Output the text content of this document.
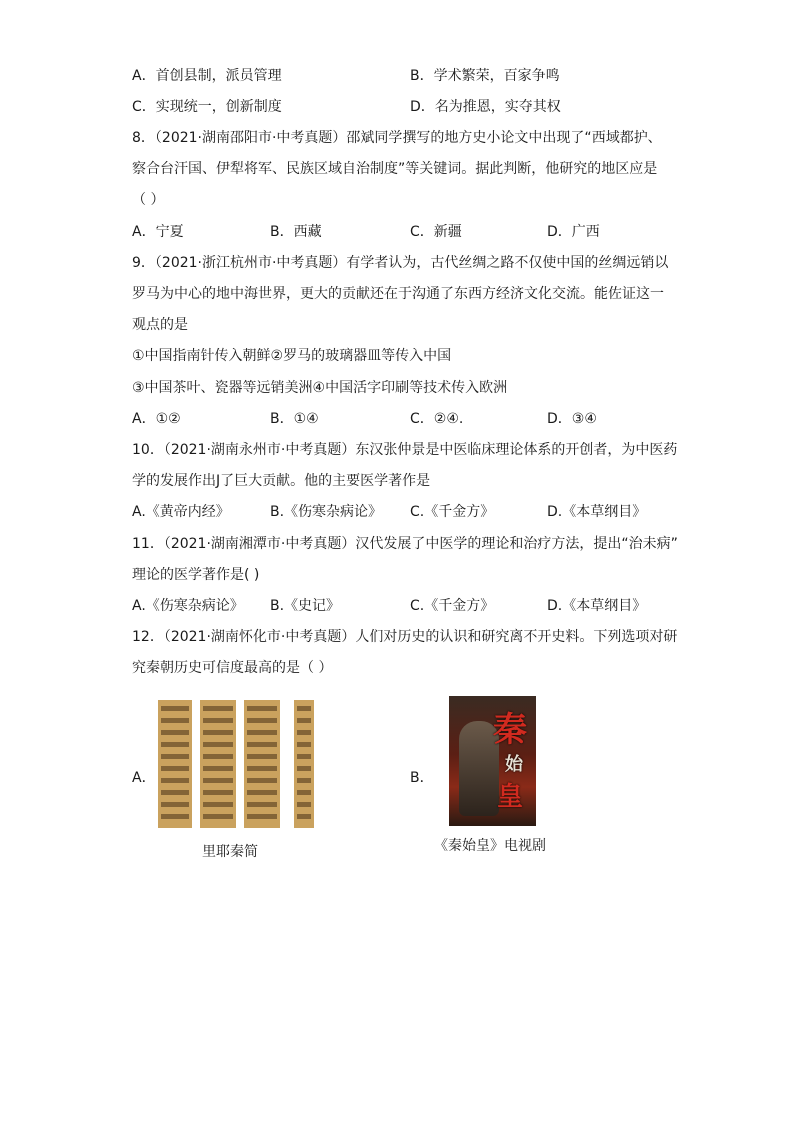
A．首创县制，派员管理	B．学术繁荣，百家争鸣
C．实现统一，创新制度	D．名为推恩，实夺其权
8．（2021·湖南邵阳市·中考真题）邵斌同学撰写的地方史小论文中出现了“西域都护、
察合台汗国、伊犁将军、民族区域自治制度”等关键词。据此判断，他研究的地区应是
（ ）
A．宁夏	B．西藏	C．新疆	D．广西
9．（2021·浙江杭州市·中考真题）有学者认为，古代丝绸之路不仅使中国的丝绸远销以
罗马为中心的地中海世界，更大的贡献还在于沟通了东西方经济文化交流。能佐证这一
观点的是
①中国指南针传入朝鲜②罗马的玻璃器皿等传入中国
③中国茶叶、瓷器等远销美洲④中国活字印刷等技术传入欧洲
A．①②	B．①④	C．②④.	D．③④
10．（2021·湖南永州市·中考真题）东汉张仲景是中医临床理论体系的开创者，为中医药
学的发展作出J了巨大贡献。他的主要医学著作是
A.《黄帝内经》	B.《伤寒杂病论》 C.《千金方》	D.《本草纲目》
11．（2021·湖南湘潭市·中考真题）汉代发展了中医学的理论和治疗方法，提出“治未病”
理论的医学著作是( )
A.《伤寒杂病论》 B.《史记》	C.《千金方》	D.《本草纲目》
12．（2021·湖南怀化市·中考真题）人们对历史的认识和研究离不开史料。下列选项对研
究秦朝历史可信度最高的是（ ）
A．
里耶秦简
B．
秦
始
皇
《秦始皇》电视剧
